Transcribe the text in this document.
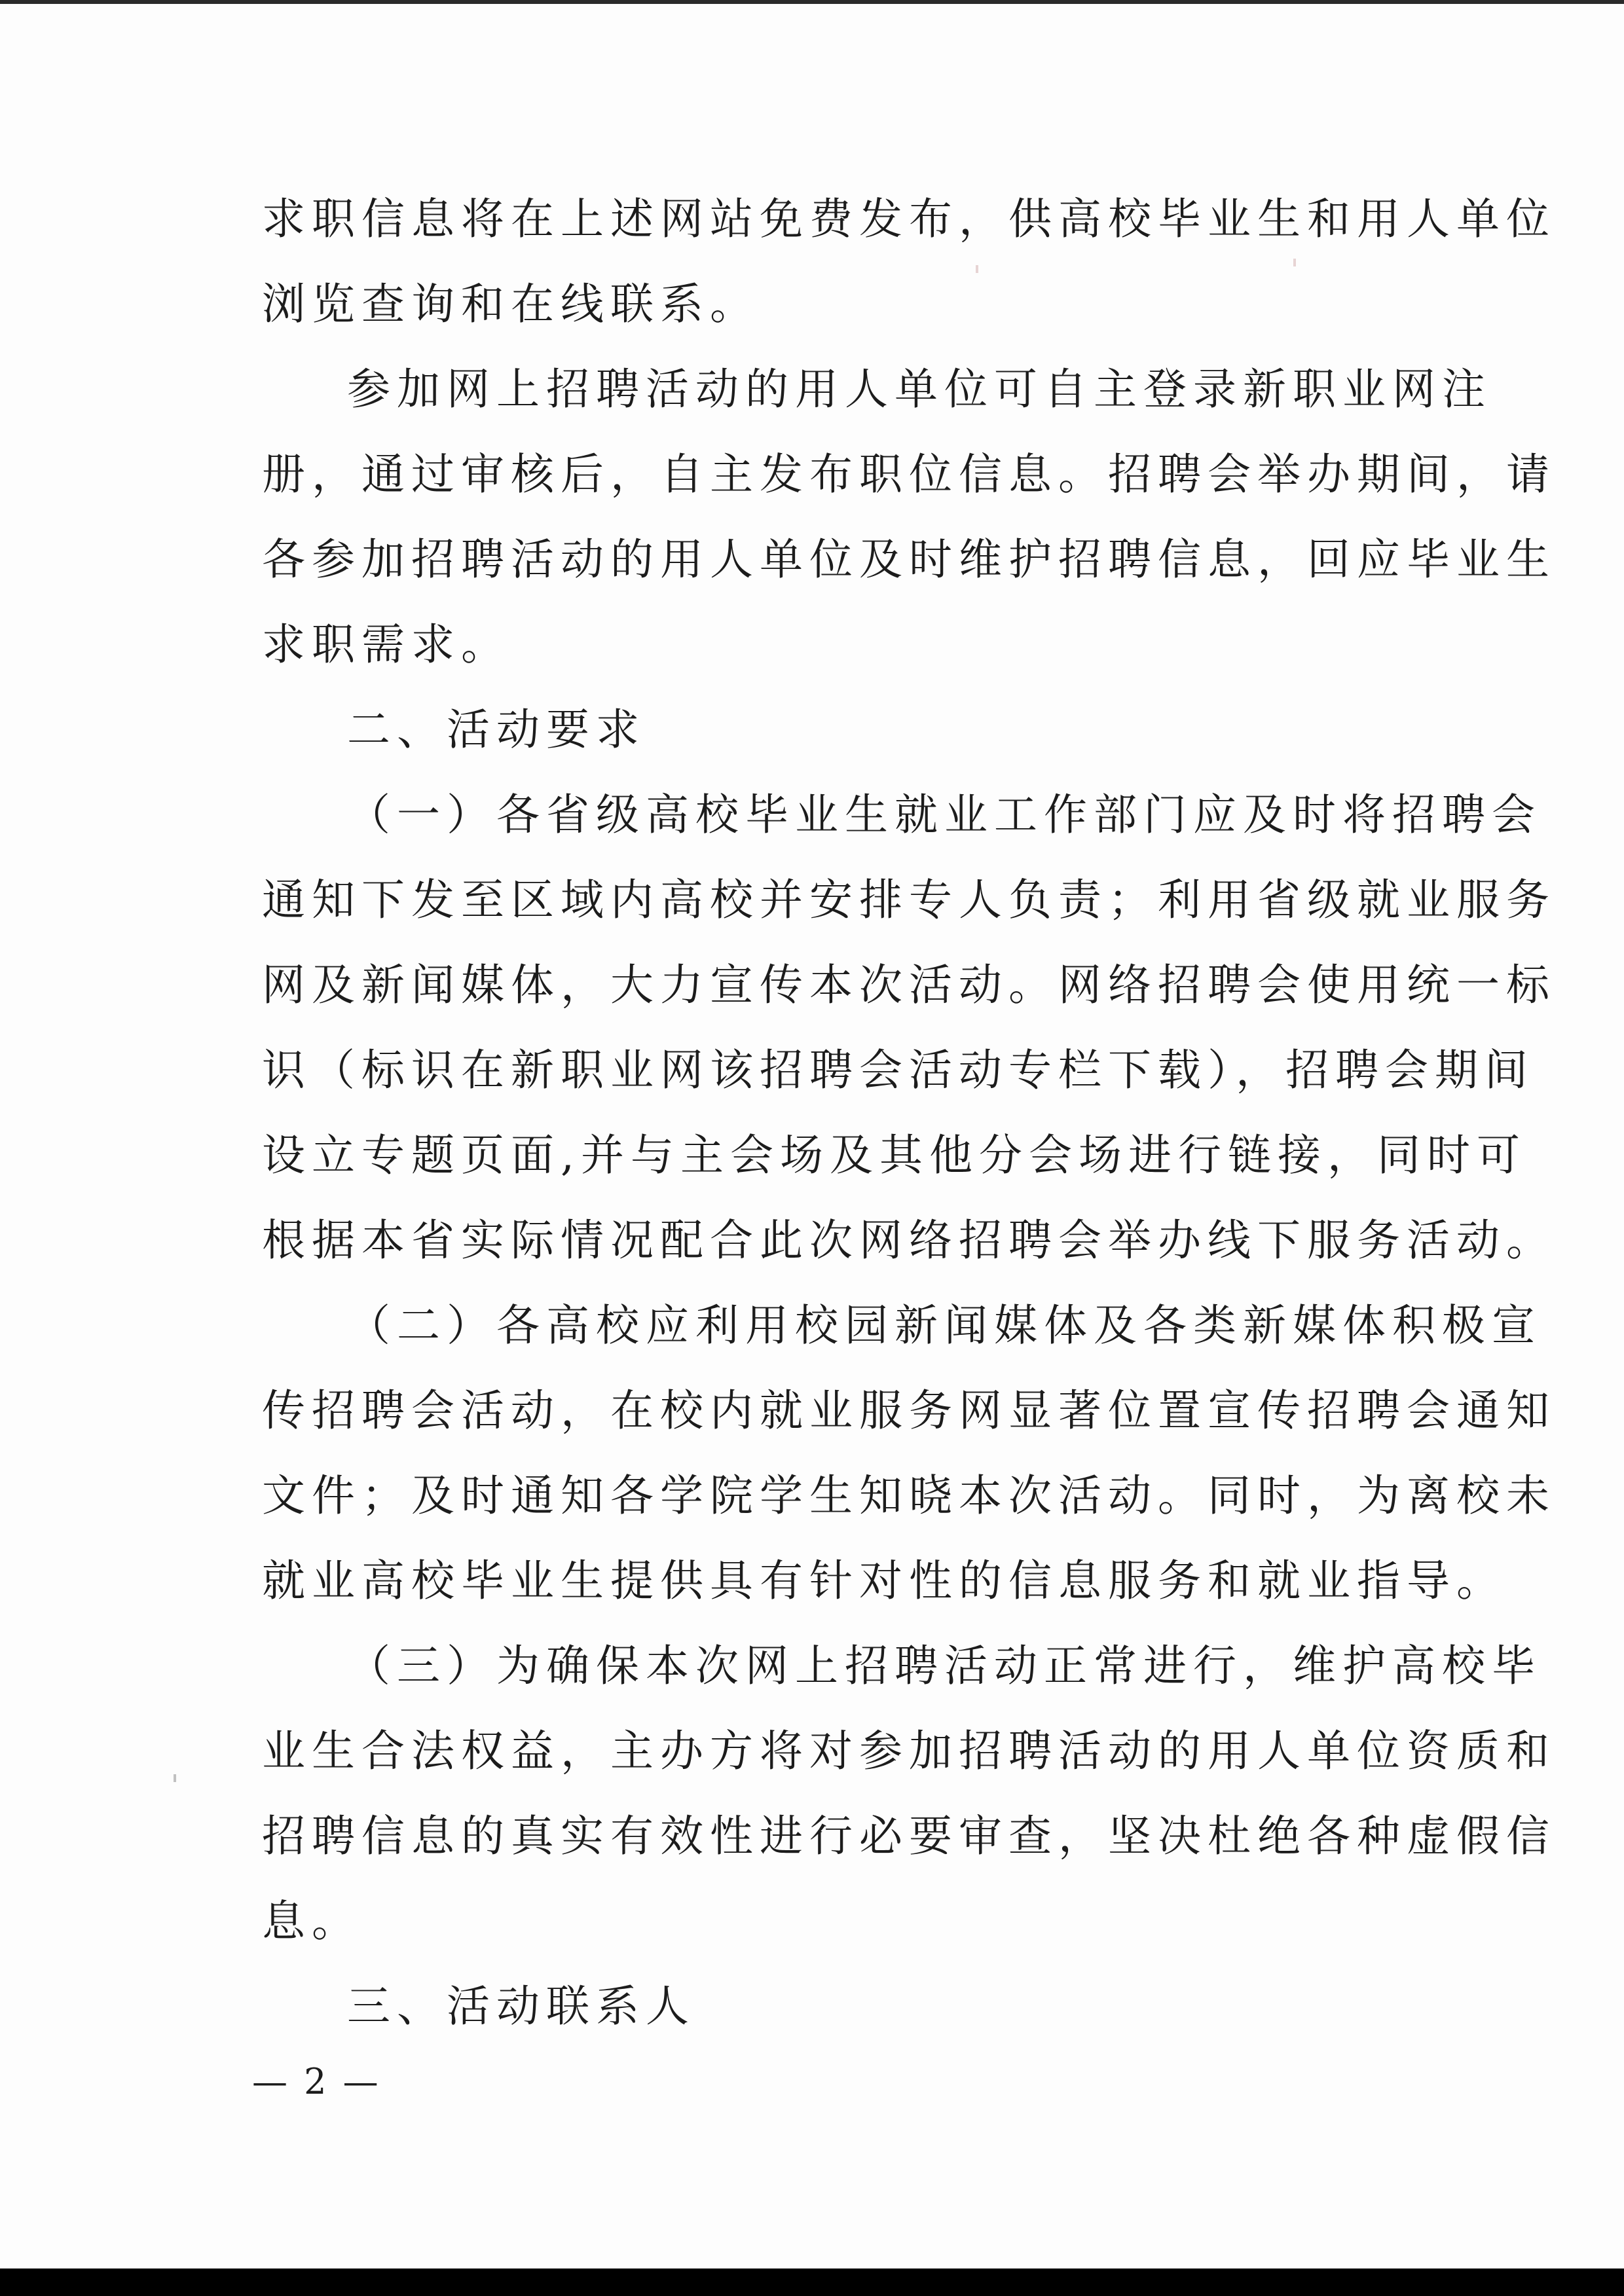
求职信息将在上述网站免费发布，供高校毕业生和用人单位
浏览查询和在线联系。
参加网上招聘活动的用人单位可自主登录新职业网注
册，通过审核后，自主发布职位信息。招聘会举办期间，请
各参加招聘活动的用人单位及时维护招聘信息，回应毕业生
求职需求。
二、活动要求
（一）各省级高校毕业生就业工作部门应及时将招聘会
通知下发至区域内高校并安排专人负责；利用省级就业服务
网及新闻媒体，大力宣传本次活动。网络招聘会使用统一标
识（标识在新职业网该招聘会活动专栏下载），招聘会期间
设立专题页面,并与主会场及其他分会场进行链接，同时可
根据本省实际情况配合此次网络招聘会举办线下服务活动。
（二）各高校应利用校园新闻媒体及各类新媒体积极宣
传招聘会活动，在校内就业服务网显著位置宣传招聘会通知
文件；及时通知各学院学生知晓本次活动。同时，为离校未
就业高校毕业生提供具有针对性的信息服务和就业指导。
（三）为确保本次网上招聘活动正常进行，维护高校毕
业生合法权益，主办方将对参加招聘活动的用人单位资质和
招聘信息的真实有效性进行必要审查，坚决杜绝各种虚假信
息。
三、活动联系人
— 2 —
